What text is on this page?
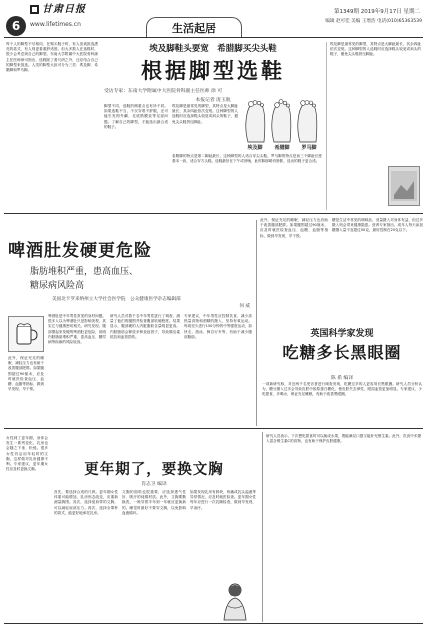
6
甘肃日报
www.lifetimes.cn	生活起居
第1349期 2019年9月17日 星期二
编辑 赵可佳 美编 王增浩 电话(010)65363539
每个人的脚型不尽相同，在购买鞋子时，有人喜欢挑选漂亮的款式，有人则更看重舒适度。但大多数人在选鞋时，很少会考虑到自己的脚型。东南大学附属中大医院骨科副主任医师徐可指出，选鞋除了看尺码之外，还应结合自己的脚型来挑选。人类的脚型大致可分为三类：埃及脚、希腊脚和罗马脚。
埃及脚鞋头要宽　希腊脚买尖头鞋
根据脚型选鞋
受访专家：东南大学附属中大医院骨科副主任医师 徐 可
本报记者 庞玉航
脚型不同，选鞋的侧重点也有所不同。如果选鞋不当，不仅穿着不舒服，还可能引发拇外翻、足底筋膜炎等足部问题。了解自己的脚型，才能选出最合适的鞋子。
埃及脚是最常见的脚型，其特点是大脚趾最长，其余四趾依次变短。这种脚型的人选鞋时应选择鞋头较宽或斜头的鞋子，避免尖头鞋挤压脚趾。
埃及脚	希腊脚	罗马脚
希腊脚的特点是第二脚趾最长，这种脚型的人适合穿尖头鞋。罗马脚的特点是前三个脚趾长度基本一致，适合穿方头鞋。选鞋最好在下午或傍晚，此时脚部略有肿胀，选出的鞋子更合适。
埃及脚是最常见的脚型，其特点是大脚趾最长，其余四趾依次变短。这种脚型的人选鞋时应选择鞋头较宽或斜头的鞋子，避免尖头鞋挤压脚趾。
啤酒肚发硬更危险
脂肪堆积严重，患高血压、
糖尿病风险高
美国北卡罗来纳州立大学社会医学院　公众健康医学杂志编辑部
何 威
啤酒肚是中年男性常见的身材问题。很多人以为啤酒肚只是影响美观，其实它与健康密切相关。研究发现，腹部摸起来发硬的啤酒肚更危险，说明内脏脂肪堆积严重，患高血压、糖尿病等疾病的风险较高。
研究人员对数千名中年男性进行了调查，测量了他们的腰围并检查腹部软硬程度。结果显示，腹部硬的人内脏脂肪含量明显更高。内脏脂肪会释放多种炎症因子，导致胰岛素抵抗和血管损伤。
专家建议，中年男性应控制饮食，减少高热量食物和酒精的摄入，坚持有氧运动。每周至少进行150分钟的中等强度运动，如快走、游泳、骑自行车等，有助于减少腹部脂肪。
此外，保证充足的睡眠、减轻压力也有助于改善腹部肥胖。如果腰围超过90厘米，应及时就医检查血压、血糖、血脂等指标，做到早发现、早干预。
此外，保证充足的睡眠、减轻压力也有助于改善腹部肥胖。如果腰围超过90厘米，应及时就医检查血压、血糖、血脂等指标，做到早发现、早干预。
糖是生活中常见的调味品，适量摄入对身体有益，但过多摄入则会带来健康隐患。营养专家指出，成年人每天添加糖摄入量不宜超过50克，最好控制在25克以下。
英国科学家发现
吃糖多长黑眼圈
陈 希 编译
一项新研究称，对近两千名受访者进行调查发现，吃糖过多的人更容易长黑眼圈。研究人员分析认为，糖分摄入过多会导致皮肤中胶原蛋白糖化，使皮肤失去弹性，眼周血管更加明显。专家建议，少吃甜食，多喝水，保证充足睡眠，有助于改善黑眼圈。
女性到了更年期，身体会发生一系列变化，乳房也会随之下垂、松弛。很多女性仍沿用年轻时的文胸，这样做对乳房健康不利。专家建议，更年期女性应及时更换文胸。	更年期了，要换文胸
肖志卫 编译
首先，要选择合适的尺码。更年期女性体重可能增加，乳房形态改变，应重新测量胸围。其次，选择宽肩带的文胸，可以减轻肩部压力。再次，选择全罩杯的款式，能更好地承托乳房。
文胸的面料也很重要，应选择透气性好、吸汗的纯棉材质。此外，文胸要勤换洗，一般穿着半年到一年就应更换新的。睡觉时最好不要穿文胸，以免影响血液循环。
如果发现乳房有肿块、疼痛或乳头溢液等异常情况，应及时就医检查。更年期女性每年应进行一次乳腺检查，做到早发现、早治疗。
研究人员表示，下次想吃甜食时可以换成水果，既能满足口感又能补充维生素。此外，饮食中多摄入富含维生素C的食物，也有助于保护皮肤健康。
